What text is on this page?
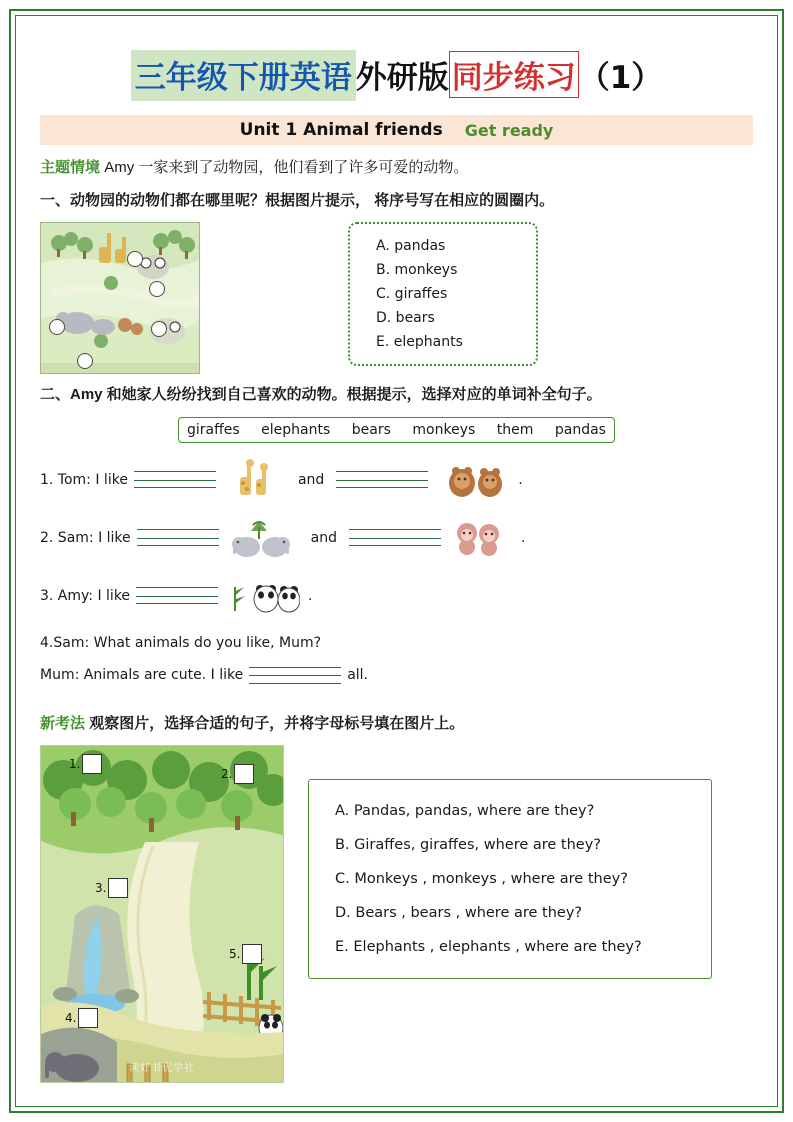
三年级下册英语 外研版 同步练习 （1）
Unit 1 Animal friends Get ready
主题情境 Amy 一家来到了动物园，他们看到了许多可爱的动物。
一、动物园的动物们都在哪里呢？根据图片提示， 将序号写在相应的圆圈内。
A. pandas
B. monkeys
C. giraffes
D. bears
E. elephants
二、Amy 和她家人纷纷找到自己喜欢的动物。根据提示，选择对应的单词补全句子。
giraffes elephants bears monkeys them pandas
1. Tom: I like	and	.
2. Sam: I like	and	.
3. Amy: I like	.
4.Sam: What animals do you like, Mum?
Mum: Animals are cute. I like	all.
新考法 观察图片，选择合适的句子，并将字母标号填在图片上。
1.
2.
3.
4.
5.
读好书优学社
A. Pandas, pandas, where are they?
B. Giraffes, giraffes, where are they?
C. Monkeys , monkeys , where are they?
D. Bears , bears , where are they?
E. Elephants , elephants , where are they?
